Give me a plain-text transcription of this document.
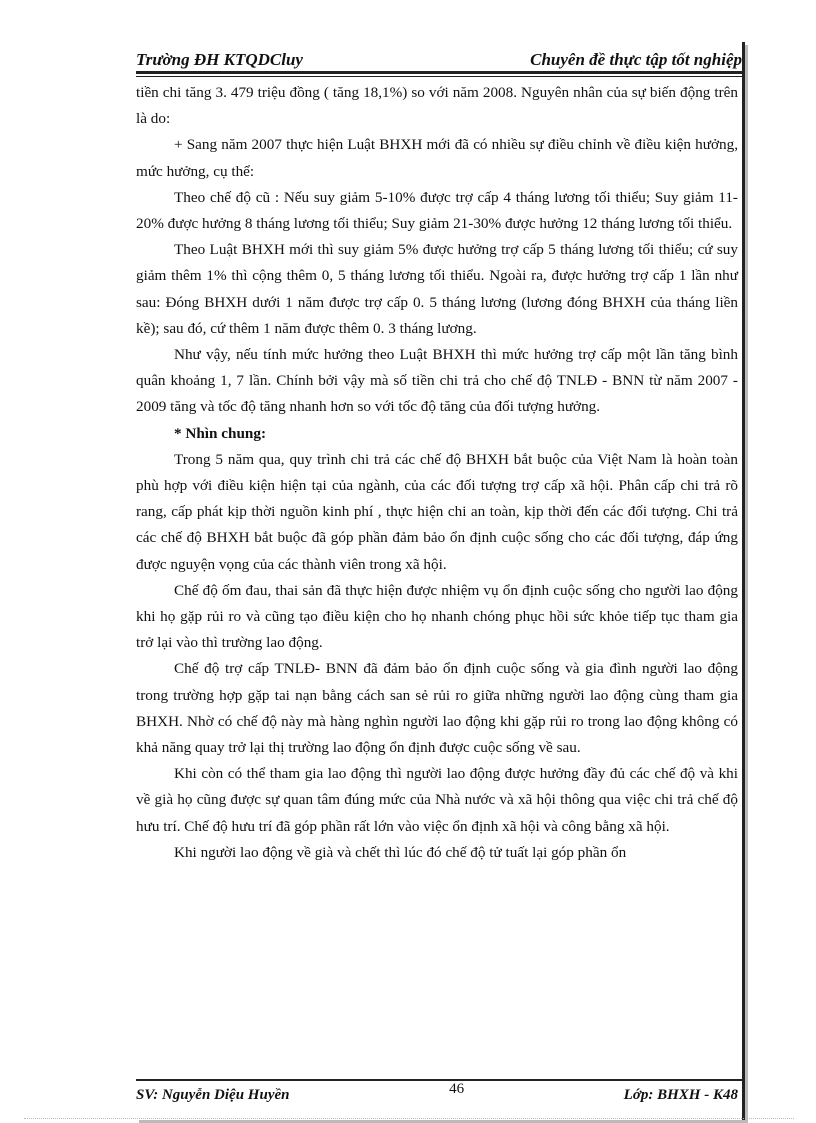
Trường ĐH KTQDCluy	Chuyên đề thực tập tốt nghiệp

tiền chi tăng 3. 479 triệu đồng ( tăng 18,1%) so với năm 2008. Nguyên nhân của sự biến động trên là do:

+ Sang năm 2007 thực hiện Luật BHXH mới đã có nhiều sự điều chỉnh về điều kiện hưởng, mức hưởng, cụ thể:

Theo chế độ cũ : Nếu suy giảm 5-10% được trợ cấp 4 tháng lương tối thiểu; Suy giảm 11-20% được hưởng 8 tháng lương tối thiểu; Suy giảm 21-30% được hưởng 12 tháng lương tối thiểu.

Theo Luật BHXH mới thì suy giảm 5% được hưởng trợ cấp 5 tháng lương tối thiểu; cứ suy giảm thêm 1% thì cộng thêm 0, 5 tháng lương tối thiểu. Ngoài ra, được hưởng trợ cấp 1 lần như sau: Đóng BHXH dưới 1 năm được trợ cấp 0. 5 tháng lương (lương đóng BHXH của tháng liền kề); sau đó, cứ thêm 1 năm được thêm 0. 3 tháng lương.

Như vậy, nếu tính mức hưởng theo Luật BHXH thì mức hưởng trợ cấp một lần tăng bình quân khoảng 1, 7 lần. Chính bởi vậy mà số tiền chi trả cho chế độ TNLĐ - BNN từ năm 2007 - 2009 tăng và tốc độ tăng nhanh hơn so với tốc độ tăng của đối tượng hưởng.

* Nhìn chung:

Trong 5 năm qua, quy trình chi trả các chế độ BHXH bắt buộc của Việt Nam là hoàn toàn phù hợp với điều kiện hiện tại của ngành, của các đối tượng trợ cấp xã hội. Phân cấp chi trả rõ rang, cấp phát kịp thời nguồn kinh phí , thực hiện chi an toàn, kịp thời đến các đối tượng. Chi trả các chế độ BHXH bắt buộc đã góp phần đảm bảo ổn định cuộc sống cho các đối tượng, đáp ứng được nguyện vọng của các thành viên trong xã hội.

Chế độ ốm đau, thai sản đã thực hiện được nhiệm vụ ổn định cuộc sống cho người lao động khi họ gặp rủi ro và cũng tạo điều kiện cho họ nhanh chóng phục hồi sức khỏe tiếp tục tham gia trở lại vào thì trường lao động.

Chế độ trợ cấp TNLĐ- BNN đã đảm bảo ổn định cuộc sống và gia đình người lao động trong trường hợp gặp tai nạn bằng cách san sẻ rủi ro giữa những người lao động cùng tham gia BHXH. Nhờ có chế độ này mà hàng nghìn người lao động khi gặp rủi ro trong lao động không có khả năng quay trở lại thị trường lao động ổn định được cuộc sống về sau.

Khi còn có thể tham gia lao động thì người lao động được hưởng đầy đủ các chế độ và khi về già họ cũng được sự quan tâm đúng mức của Nhà nước và xã hội thông qua việc chi trả chế độ hưu trí. Chế độ hưu trí đã góp phần rất lớn vào việc ổn định xã hội và công bằng xã hội.

Khi người lao động về già và chết thì lúc đó chế độ tử tuất lại góp phần ổn

SV: Nguyễn Diệu Huyền	46	Lớp: BHXH - K48
